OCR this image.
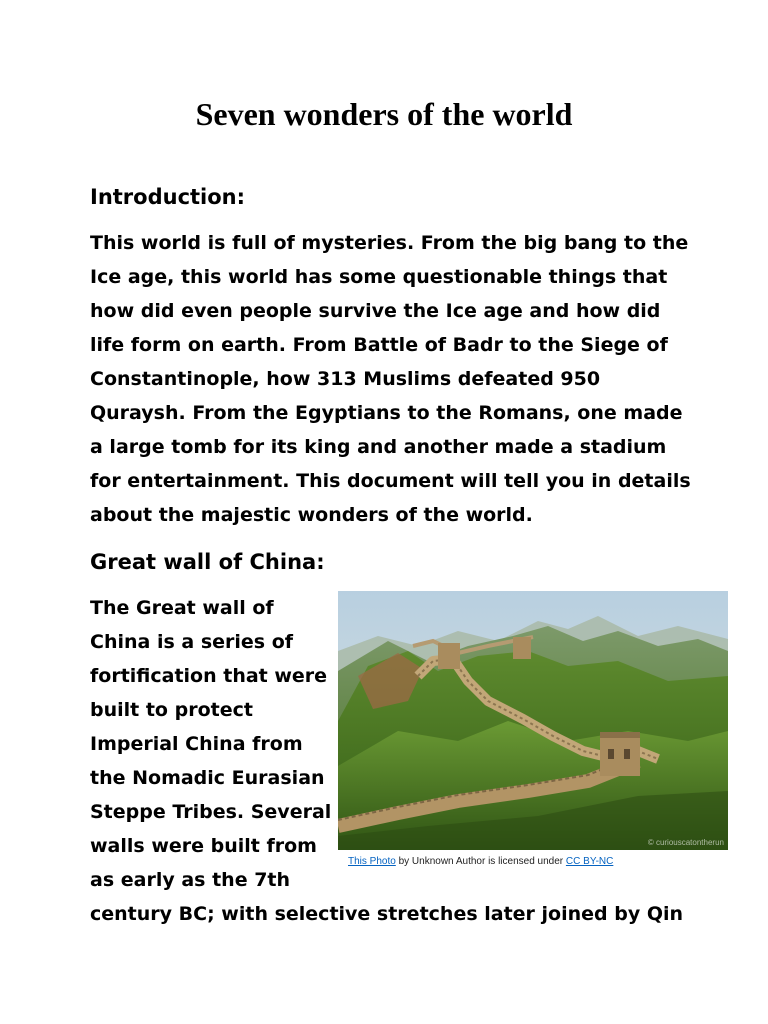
Seven wonders of the world
Introduction:

This world is full of mysteries. From the big bang to the
Ice age, this world has some questionable things that
how did even people survive the Ice age and how did
life form on earth. From Battle of Badr to the Siege of
Constantinople, how 313 Muslims defeated 950
Quraysh. From the Egyptians to the Romans, one made
a large tomb for its king and another made a stadium
for entertainment. This document will tell you in details
about the majestic wonders of the world.

Great wall of China:

The Great wall of
China is a series of
fortification that were
built to protect
Imperial China from
the Nomadic Eurasian
Steppe Tribes. Several
walls were built from
as early as the 7th

century BC; with selective stretches later joined by Qin

© curiouscatontherun
This Photo by Unknown Author is licensed under CC BY-NC
